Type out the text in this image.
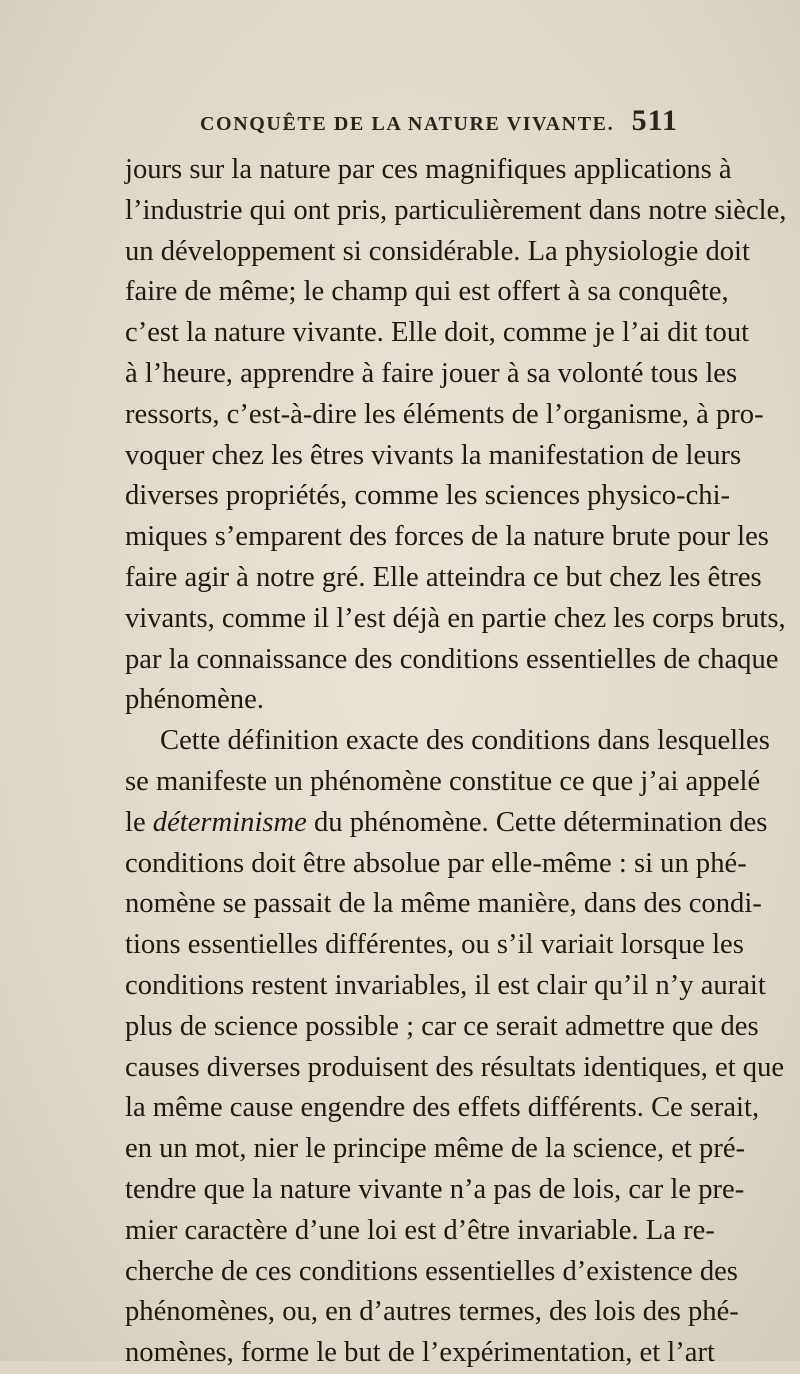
CONQUÊTE DE LA NATURE VIVANTE. 511
jours sur la nature par ces magnifiques applications à
l’industrie qui ont pris, particulièrement dans notre siècle,
un développement si considérable. La physiologie doit
faire de même; le champ qui est offert à sa conquête,
c’est la nature vivante. Elle doit, comme je l’ai dit tout
à l’heure, apprendre à faire jouer à sa volonté tous les
ressorts, c’est-à-dire les éléments de l’organisme, à pro-
voquer chez les êtres vivants la manifestation de leurs
diverses propriétés, comme les sciences physico-chi-
miques s’emparent des forces de la nature brute pour les
faire agir à notre gré. Elle atteindra ce but chez les êtres
vivants, comme il l’est déjà en partie chez les corps bruts,
par la connaissance des conditions essentielles de chaque
phénomène.
Cette définition exacte des conditions dans lesquelles
se manifeste un phénomène constitue ce que j’ai appelé
le déterminisme du phénomène. Cette détermination des
conditions doit être absolue par elle-même : si un phé-
nomène se passait de la même manière, dans des condi-
tions essentielles différentes, ou s’il variait lorsque les
conditions restent invariables, il est clair qu’il n’y aurait
plus de science possible ; car ce serait admettre que des
causes diverses produisent des résultats identiques, et que
la même cause engendre des effets différents. Ce serait,
en un mot, nier le principe même de la science, et pré-
tendre que la nature vivante n’a pas de lois, car le pre-
mier caractère d’une loi est d’être invariable. La re-
cherche de ces conditions essentielles d’existence des
phénomènes, ou, en d’autres termes, des lois des phé-
nomènes, forme le but de l’expérimentation, et l’art
